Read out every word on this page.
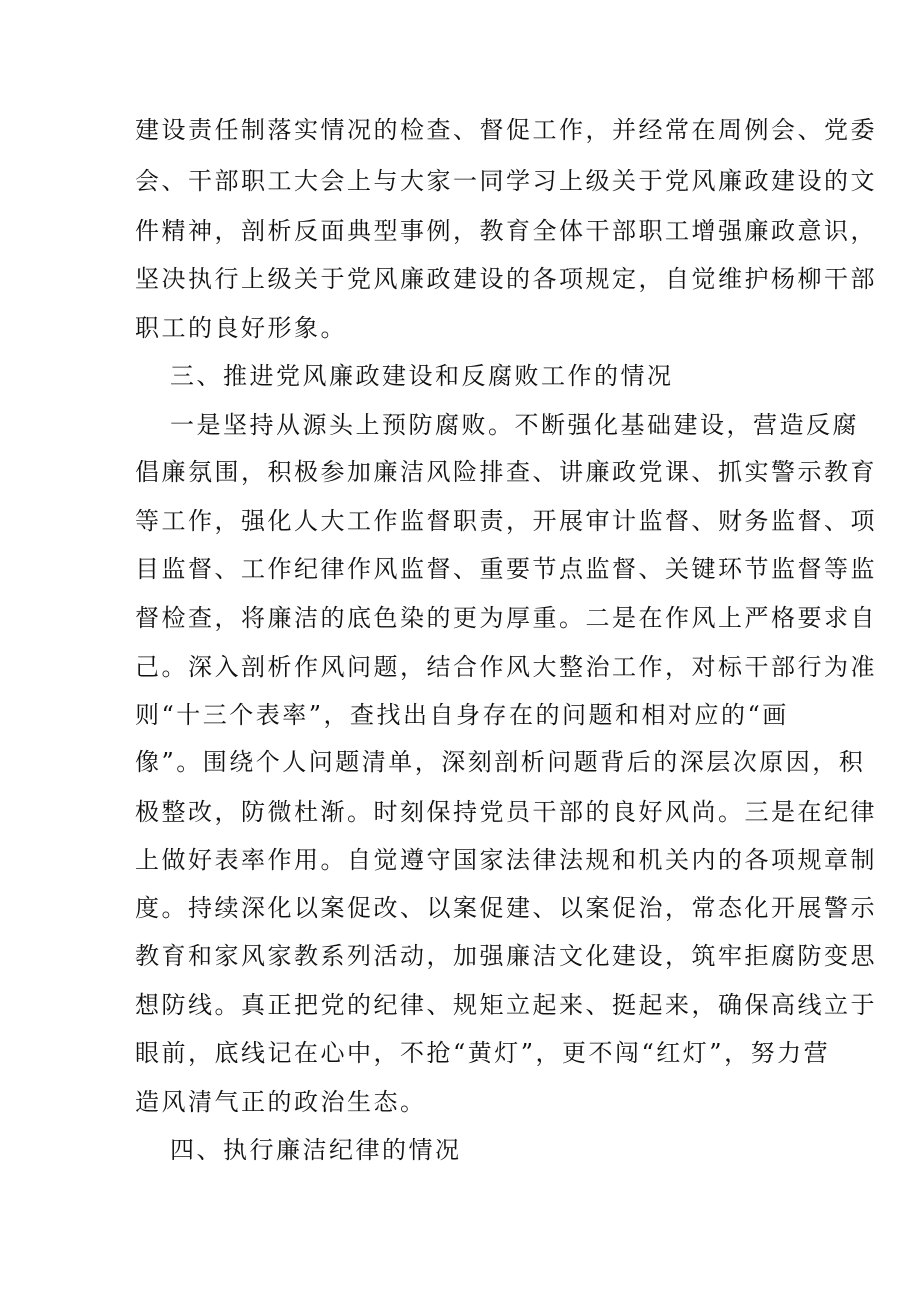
建设责任制落实情况的检查、督促工作，并经常在周例会、党委
会、干部职工大会上与大家一同学习上级关于党风廉政建设的文
件精神，剖析反面典型事例，教育全体干部职工增强廉政意识，
坚决执行上级关于党风廉政建设的各项规定，自觉维护杨柳干部
职工的良好形象。
三、推进党风廉政建设和反腐败工作的情况
一是坚持从源头上预防腐败。不断强化基础建设，营造反腐
倡廉氛围，积极参加廉洁风险排查、讲廉政党课、抓实警示教育
等工作，强化人大工作监督职责，开展审计监督、财务监督、项
目监督、工作纪律作风监督、重要节点监督、关键环节监督等监
督检查，将廉洁的底色染的更为厚重。二是在作风上严格要求自
己。深入剖析作风问题，结合作风大整治工作，对标干部行为准
则“十三个表率”，查找出自身存在的问题和相对应的“画
像”。围绕个人问题清单，深刻剖析问题背后的深层次原因，积
极整改，防微杜渐。时刻保持党员干部的良好风尚。三是在纪律
上做好表率作用。自觉遵守国家法律法规和机关内的各项规章制
度。持续深化以案促改、以案促建、以案促治，常态化开展警示
教育和家风家教系列活动，加强廉洁文化建设，筑牢拒腐防变思
想防线。真正把党的纪律、规矩立起来、挺起来，确保高线立于
眼前，底线记在心中，不抢“黄灯”，更不闯“红灯”，努力营
造风清气正的政治生态。
四、执行廉洁纪律的情况
